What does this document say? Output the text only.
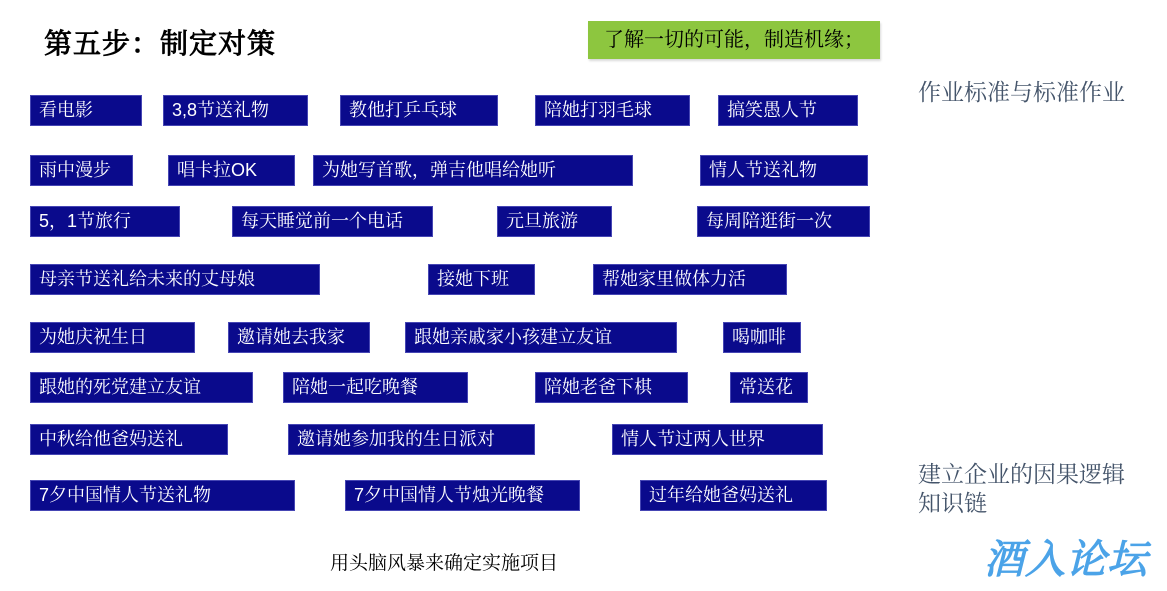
第五步：制定对策	了解一切的可能，制造机缘；
看电影	3,8节送礼物	教他打乒乓球	陪她打羽毛球	搞笑愚人节
雨中漫步	唱卡拉OK	为她写首歌，弹吉他唱给她听	情人节送礼物
5，1节旅行	每天睡觉前一个电话	元旦旅游	每周陪逛街一次
母亲节送礼给未来的丈母娘	接她下班	帮她家里做体力活
为她庆祝生日	邀请她去我家	跟她亲戚家小孩建立友谊	喝咖啡
跟她的死党建立友谊	陪她一起吃晚餐	陪她老爸下棋	常送花
中秋给他爸妈送礼	邀请她参加我的生日派对	情人节过两人世界
7夕中国情人节送礼物	7夕中国情人节烛光晚餐	过年给她爸妈送礼
作业标准与标准作业
建立企业的因果逻辑知识链
用头脑风暴来确定实施项目	酒入论坛
